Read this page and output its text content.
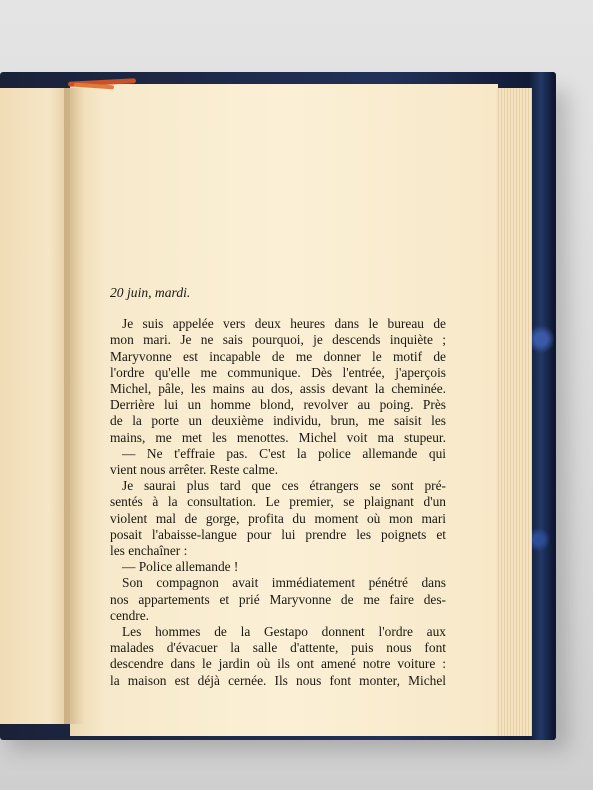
20 juin, mardi.
Je suis appelée vers deux heures dans le bureau de
mon mari. Je ne sais pourquoi, je descends inquiète ;
Maryvonne est incapable de me donner le motif de
l'ordre qu'elle me communique. Dès l'entrée, j'aperçois
Michel, pâle, les mains au dos, assis devant la cheminée.
Derrière lui un homme blond, revolver au poing. Près
de la porte un deuxième individu, brun, me saisit les
mains, me met les menottes. Michel voit ma stupeur.
— Ne t'effraie pas. C'est la police allemande qui
vient nous arrêter. Reste calme.
Je saurai plus tard que ces étrangers se sont pré-
sentés à la consultation. Le premier, se plaignant d'un
violent mal de gorge, profita du moment où mon mari
posait l'abaisse-langue pour lui prendre les poignets et
les enchaîner :
— Police allemande !
Son compagnon avait immédiatement pénétré dans
nos appartements et prié Maryvonne de me faire des-
cendre.
Les hommes de la Gestapo donnent l'ordre aux
malades d'évacuer la salle d'attente, puis nous font
descendre dans le jardin où ils ont amené notre voiture :
la maison est déjà cernée. Ils nous font monter, Michel
